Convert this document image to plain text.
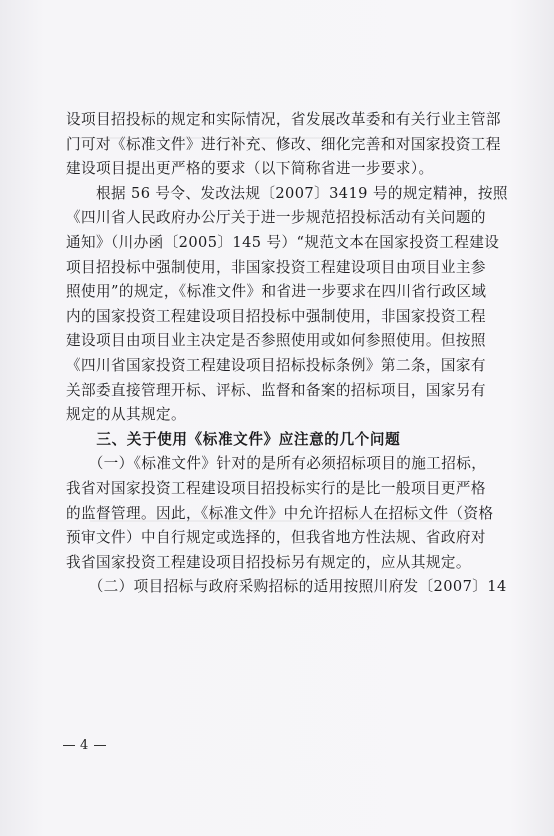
设项目招投标的规定和实际情况，省发展改革委和有关行业主管部
门可对《标准文件》进行补充、修改、细化完善和对国家投资工程
建设项目提出更严格的要求（以下简称省进一步要求）。
　　根据 56 号令、发改法规〔2007〕3419 号的规定精神，按照
《四川省人民政府办公厅关于进一步规范招投标活动有关问题的
通知》（川办函〔2005〕145 号）“规范文本在国家投资工程建设
项目招投标中强制使用，非国家投资工程建设项目由项目业主参
照使用”的规定，《标准文件》和省进一步要求在四川省行政区域
内的国家投资工程建设项目招投标中强制使用，非国家投资工程
建设项目由项目业主决定是否参照使用或如何参照使用。但按照
《四川省国家投资工程建设项目招标投标条例》第二条，国家有
关部委直接管理开标、评标、监督和备案的招标项目，国家另有
规定的从其规定。
　　三、关于使用《标准文件》应注意的几个问题
　　（一）《标准文件》针对的是所有必须招标项目的施工招标，
我省对国家投资工程建设项目招投标实行的是比一般项目更严格
的监督管理。因此，《标准文件》中允许招标人在招标文件（资格
预审文件）中自行规定或选择的，但我省地方性法规、省政府对
我省国家投资工程建设项目招投标另有规定的，应从其规定。
　　（二）项目招标与政府采购招标的适用按照川府发〔2007〕14
4
